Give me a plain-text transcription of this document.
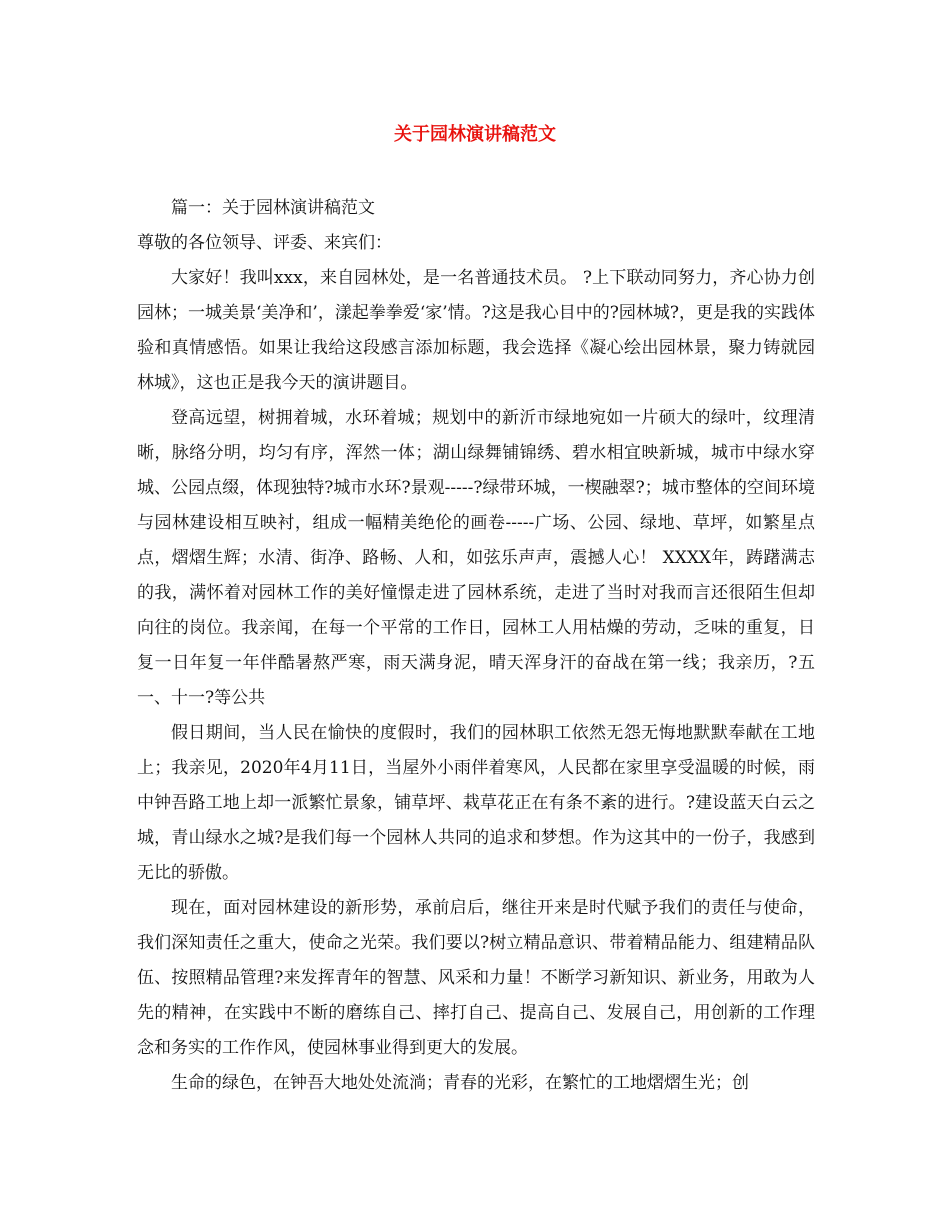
关于园林演讲稿范文

篇一：关于园林演讲稿范文

尊敬的各位领导、评委、来宾们：

大家好！我叫xxx，来自园林处，是一名普通技术员。 ?上下联动同努力，齐心协力创园林；一城美景‘美净和’，漾起拳拳爱‘家’情。?这是我心目中的?园林城?，更是我的实践体验和真情感悟。如果让我给这段感言添加标题，我会选择《凝心绘出园林景，聚力铸就园林城》，这也正是我今天的演讲题目。

登高远望，树拥着城，水环着城；规划中的新沂市绿地宛如一片硕大的绿叶，纹理清晰，脉络分明，均匀有序，浑然一体；湖山绿舞铺锦绣、碧水相宜映新城，城市中绿水穿城、公园点缀，体现独特?城市水环?景观-----?绿带环城，一楔融翠?；城市整体的空间环境与园林建设相互映衬，组成一幅精美绝伦的画卷-----广场、公园、绿地、草坪，如繁星点点，熠熠生辉；水清、街净、路畅、人和，如弦乐声声，震撼人心！ XXXX年，踌躇满志的我，满怀着对园林工作的美好憧憬走进了园林系统，走进了当时对我而言还很陌生但却向往的岗位。我亲闻，在每一个平常的工作日，园林工人用枯燥的劳动，乏味的重复，日复一日年复一年伴酷暑熬严寒，雨天满身泥，晴天浑身汗的奋战在第一线；我亲历，?五一、十一?等公共

假日期间，当人民在愉快的度假时，我们的园林职工依然无怨无悔地默默奉献在工地上；我亲见，2020年4月11日，当屋外小雨伴着寒风，人民都在家里享受温暖的时候，雨中钟吾路工地上却一派繁忙景象，铺草坪、栽草花正在有条不紊的进行。?建设蓝天白云之城，青山绿水之城?是我们每一个园林人共同的追求和梦想。作为这其中的一份子，我感到无比的骄傲。

现在，面对园林建设的新形势，承前启后，继往开来是时代赋予我们的责任与使命，我们深知责任之重大，使命之光荣。我们要以?树立精品意识、带着精品能力、组建精品队伍、按照精品管理?来发挥青年的智慧、风采和力量！不断学习新知识、新业务，用敢为人先的精神，在实践中不断的磨练自己、摔打自己、提高自己、发展自己，用创新的工作理念和务实的工作作风，使园林事业得到更大的发展。

生命的绿色，在钟吾大地处处流淌；青春的光彩，在繁忙的工地熠熠生光；创
